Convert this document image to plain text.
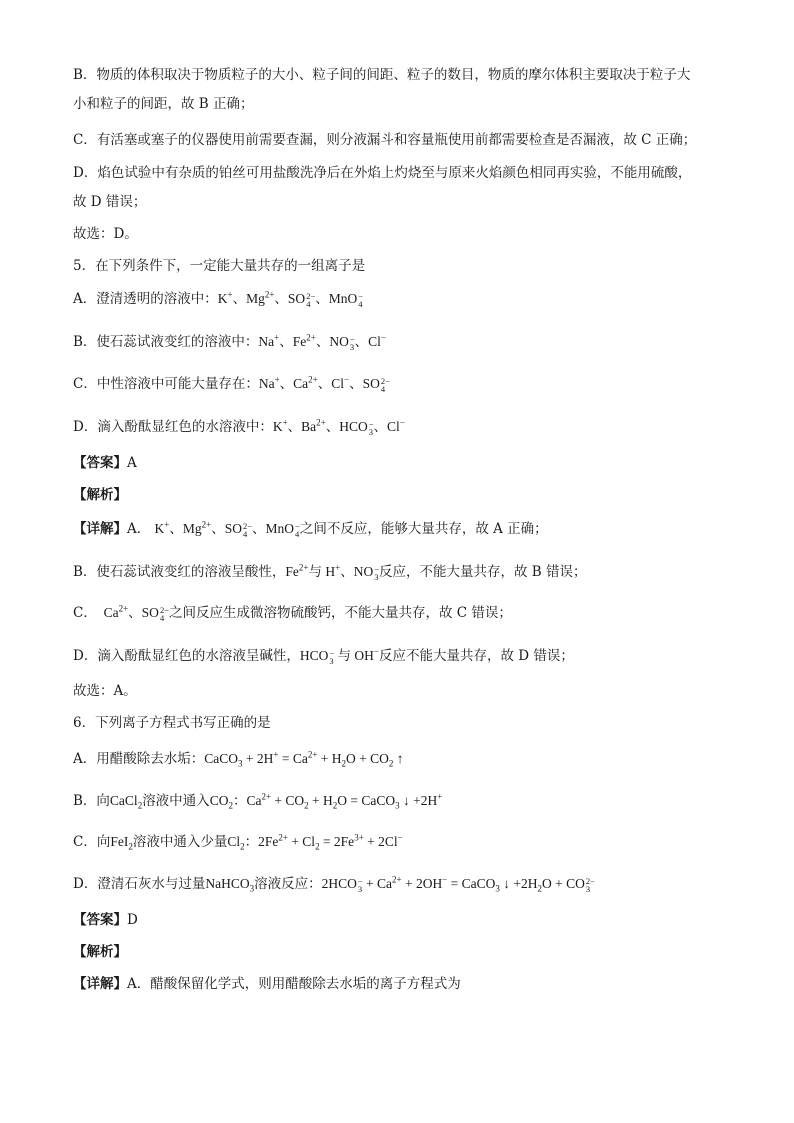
B．物质的体积取决于物质粒子的大小、粒子间的间距、粒子的数目，物质的摩尔体积主要取决于粒子大
小和粒子的间距，故 B 正确；
C．有活塞或塞子的仪器使用前需要查漏，则分液漏斗和容量瓶使用前都需要检查是否漏液，故 C 正确；
D．焰色试验中有杂质的铂丝可用盐酸洗净后在外焰上灼烧至与原来火焰颜色相同再实验，不能用硫酸，
故 D 错误；
故选：D。
5．在下列条件下，一定能大量共存的一组离子是
A．澄清透明的溶液中：K+、$Mg^{2+}$、SO 2−
4 、MnO −
4
B．使石蕊试液变红的溶液中：Na+、$Fe^{2+}$、NO −
3 、Cl−
C．中性溶液中可能大量存在：Na+、$Ca^{2+}$、Cl−、SO 2−
4
D．滴入酚酞显红色的水溶液中：K+、$Ba^{2+}$、HCO −
3 、Cl−
【答案】A
【解析】
【详解】A． K+、$Mg^{2+}$、SO 2−
4 、MnO −
4 之间不反应，能够大量共存，故 A 正确；
B．使石蕊试液变红的溶液呈酸性，$Fe^{2+}$与 H+、NO −
3 反应，不能大量共存，故 B 错误；
C．  $Ca^{2+}$、SO 2−
4 之间反应生成微溶物硫酸钙，不能大量共存，故 C 错误；
D．滴入酚酞显红色的水溶液呈碱性，HCO −
3 与 OH−反应不能大量共存，故 D 错误；
故选：A。
6．下列离子方程式书写正确的是
A．用醋酸除去水垢：CaCO$_3$ + $2H^+ = Ca^{2+} + H_2O + CO_2$ ↑
B．向CaCl$_2$溶液中通入$CO_2$：$Ca^{2+} + CO_2 + H_2O$ = CaCO$_3$ ↓ +2H+
C．向FeI$_2$溶液中通入少量$Cl_2$：$2Fe^{2+} + Cl_2 = 2Fe^{3+} + 2Cl^-$
D．澄清石灰水与过量NaHCO$_3$溶液反应：2HCO −
$3 + Ca^{2+} + 2OH^-$ = CaCO$_3$ ↓ $+2H_2O$ + CO 2−
3
【答案】D
【解析】
【详解】A．醋酸保留化学式，则用醋酸除去水垢的离子方程式为
